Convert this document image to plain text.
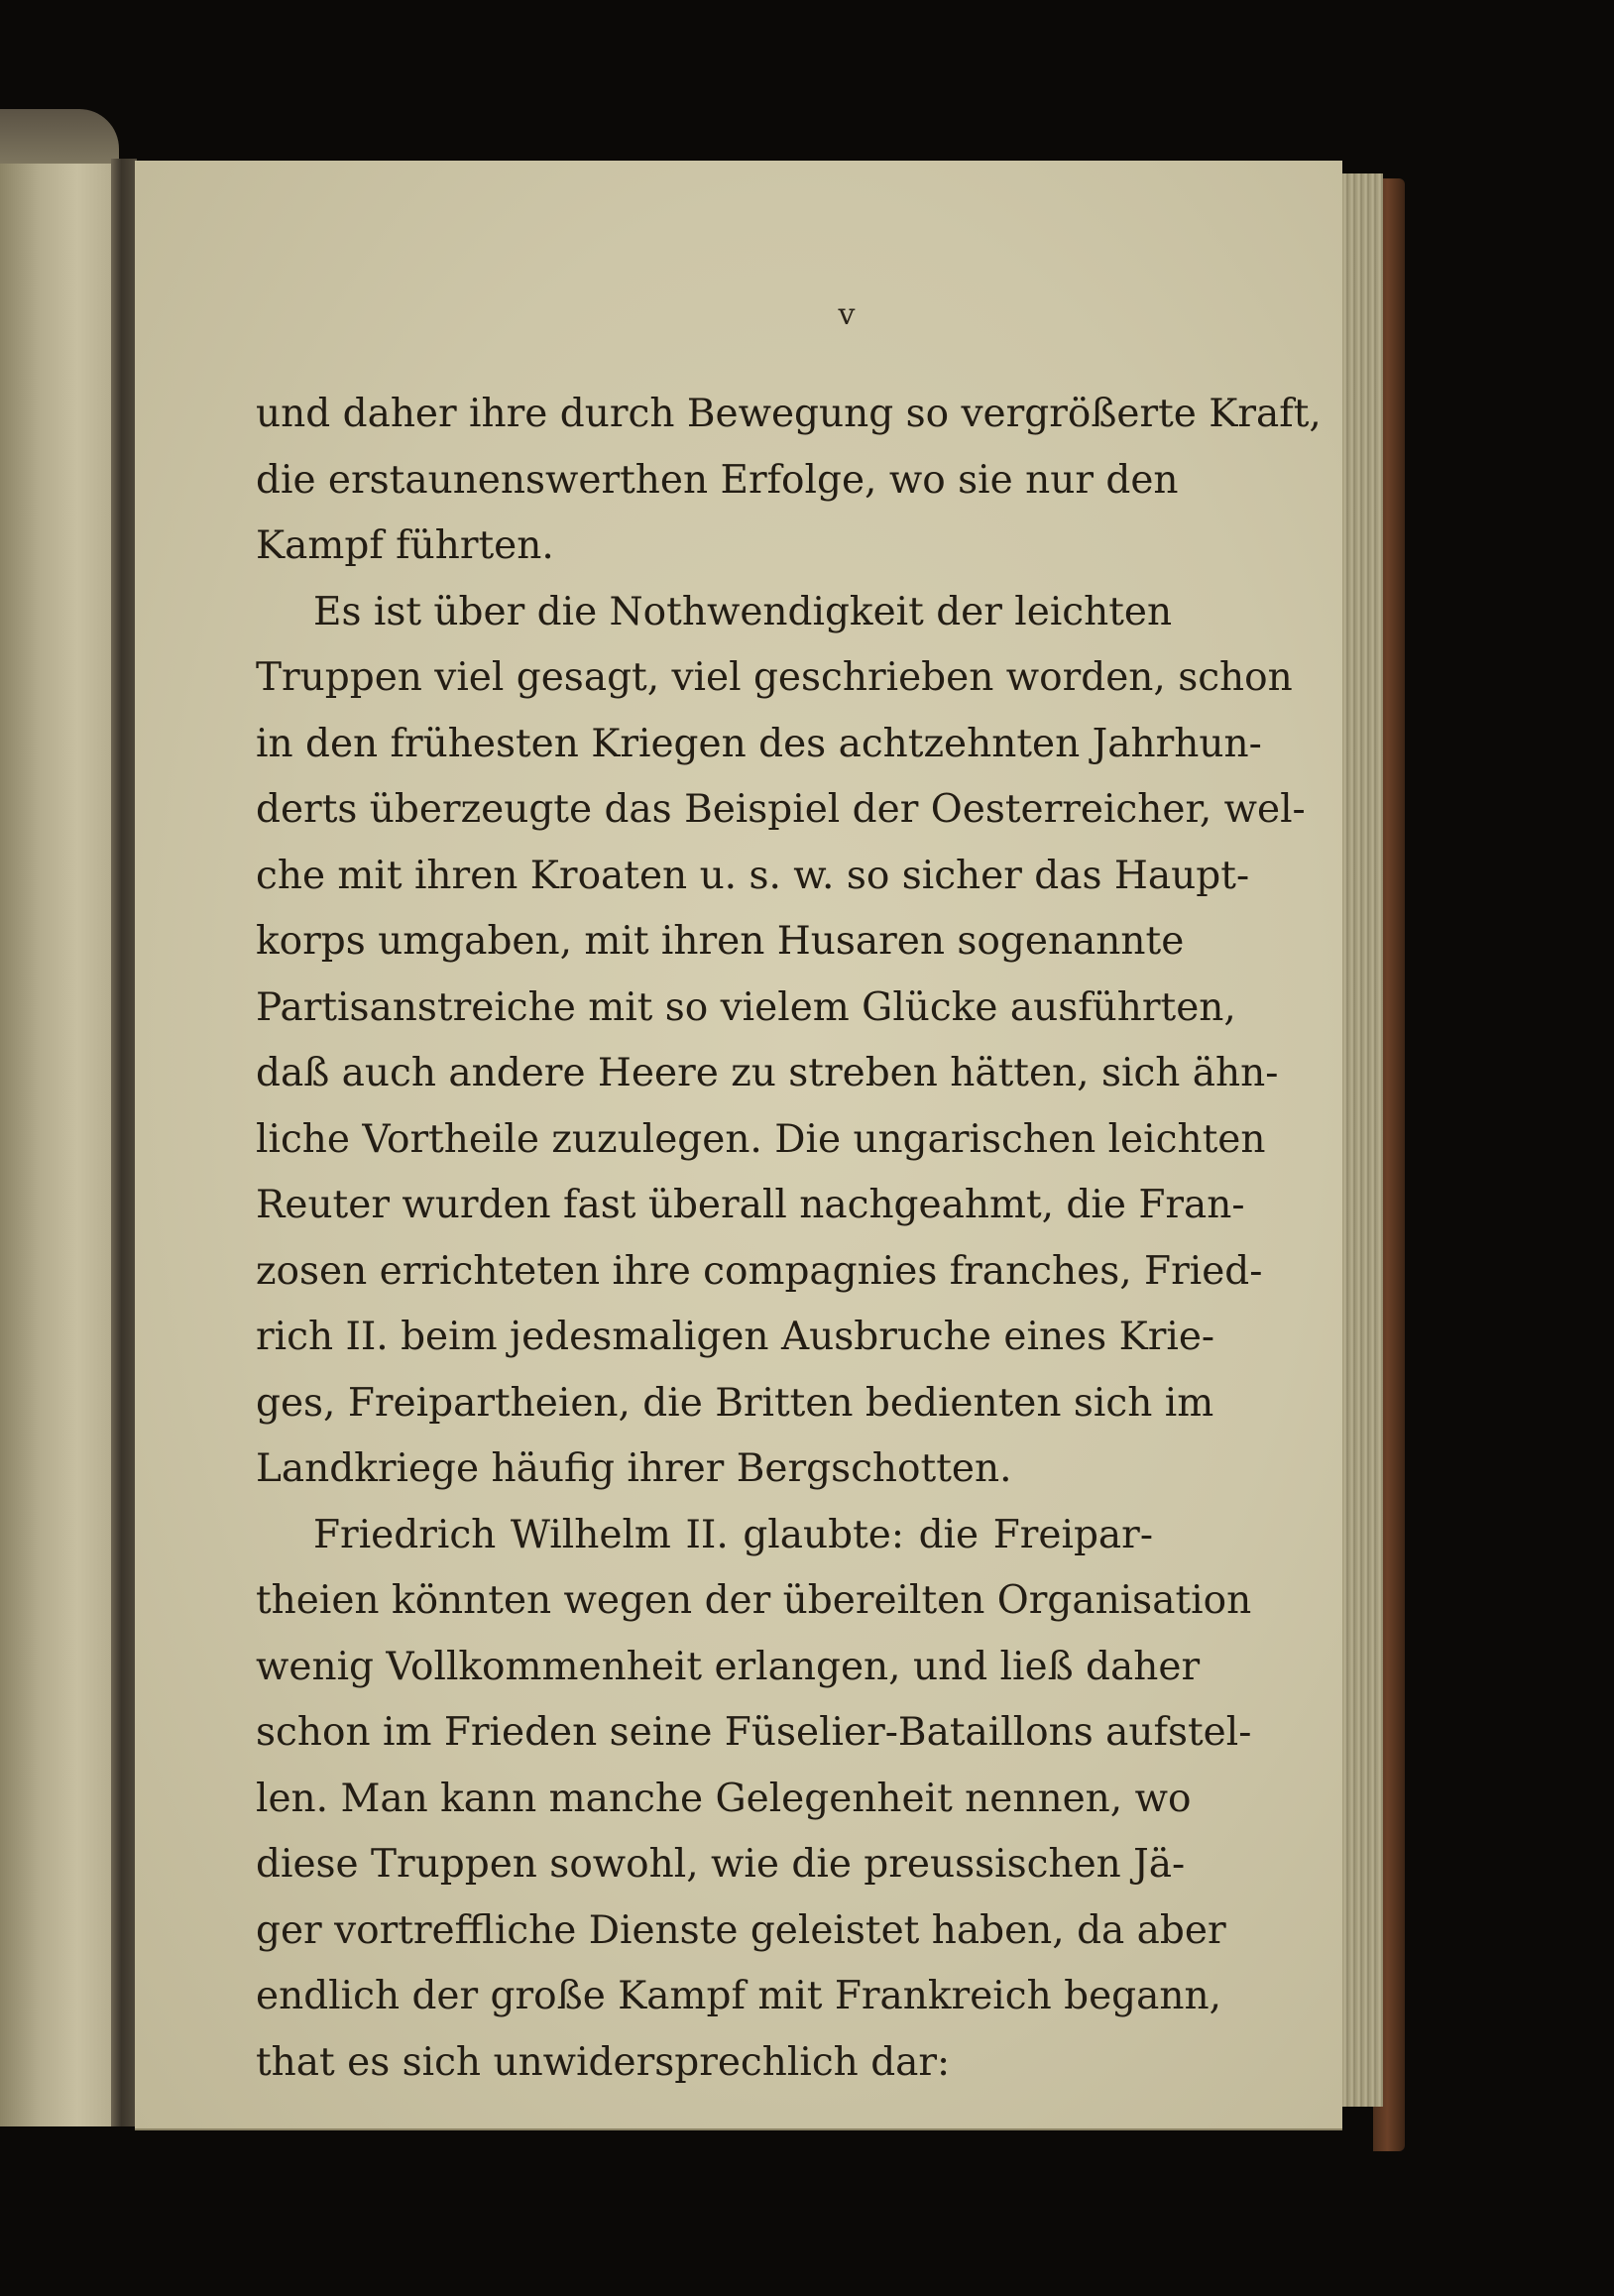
v
und daher ihre durch Bewegung so vergrößerte Kraft,
die erstaunenswerthen Erfolge, wo sie nur den
Kampf führten.
Es ist über die Nothwendigkeit der leichten
Truppen viel gesagt, viel geschrieben worden, schon
in den frühesten Kriegen des achtzehnten Jahrhun-
derts überzeugte das Beispiel der Oesterreicher, wel-
che mit ihren Kroaten u. s. w. so sicher das Haupt-
korps umgaben, mit ihren Husaren sogenannte
Partisanstreiche mit so vielem Glücke ausführten,
daß auch andere Heere zu streben hätten, sich ähn-
liche Vortheile zuzulegen. Die ungarischen leichten
Reuter wurden fast überall nachgeahmt, die Fran-
zosen errichteten ihre compagnies franches, Fried-
rich II. beim jedesmaligen Ausbruche eines Krie-
ges, Freipartheien, die Britten bedienten sich im
Landkriege häufig ihrer Bergschotten.
Friedrich Wilhelm II. glaubte: die Freipar-
theien könnten wegen der übereilten Organisation
wenig Vollkommenheit erlangen, und ließ daher
schon im Frieden seine Füselier-Bataillons aufstel-
len. Man kann manche Gelegenheit nennen, wo
diese Truppen sowohl, wie die preussischen Jä-
ger vortreffliche Dienste geleistet haben, da aber
endlich der große Kampf mit Frankreich begann,
that es sich unwidersprechlich dar:
